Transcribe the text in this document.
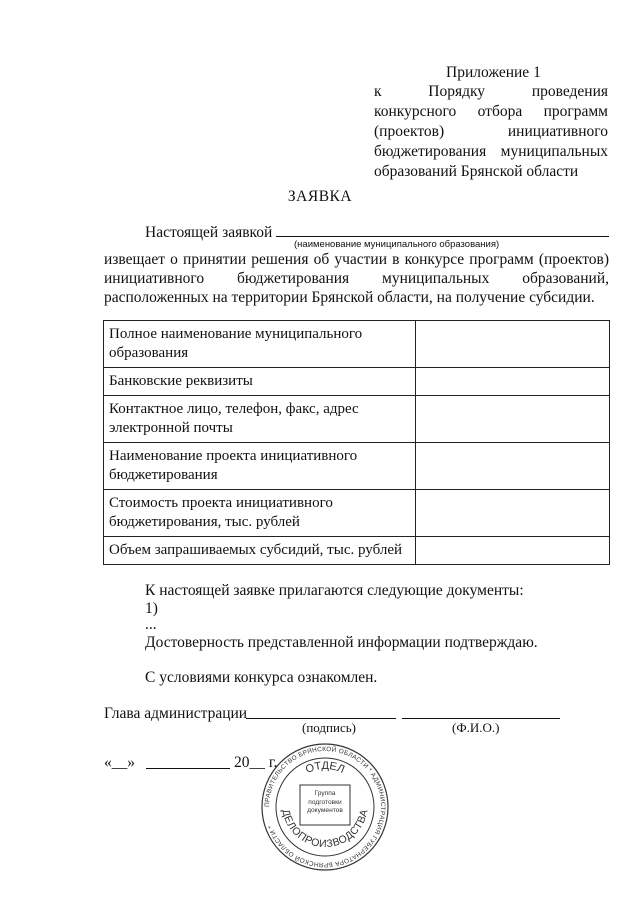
Приложение 1
к Порядку проведения конкурсного отбора программ (проектов) инициативного бюджетирования муниципальных образований Брянской области
ЗАЯВКА
Настоящей заявкой
(наименование муниципального образования)
извещает о принятии решения об участии в конкурсе программ (проектов) инициативного бюджетирования муниципальных образований, расположенных на территории Брянской области, на получение субсидии.
Полное наименование муниципального образования	
Банковские реквизиты	
Контактное лицо, телефон, факс, адрес электронной почты	
Наименование проекта инициативного бюджетирования	
Стоимость проекта инициативного бюджетирования, тыс. рублей	
Объем запрашиваемых субсидий, тыс. рублей	
К настоящей заявке прилагаются следующие документы:
1)
...
Достоверность представленной информации подтверждаю.
С условиями конкурса ознакомлен.
Глава администрации
(подпись)	(Ф.И.О.)
«__»	20__ г.
ПРАВИТЕЛЬСТВО БРЯНСКОЙ ОБЛАСТИ * АДМИНИСТРАЦИЯ ГУБЕРНАТОРА БРЯНСКОЙ ОБЛАСТИ *
ОТДЕЛ
ДЕЛОПРОИЗВОДСТВА
Группа подготовки документов
